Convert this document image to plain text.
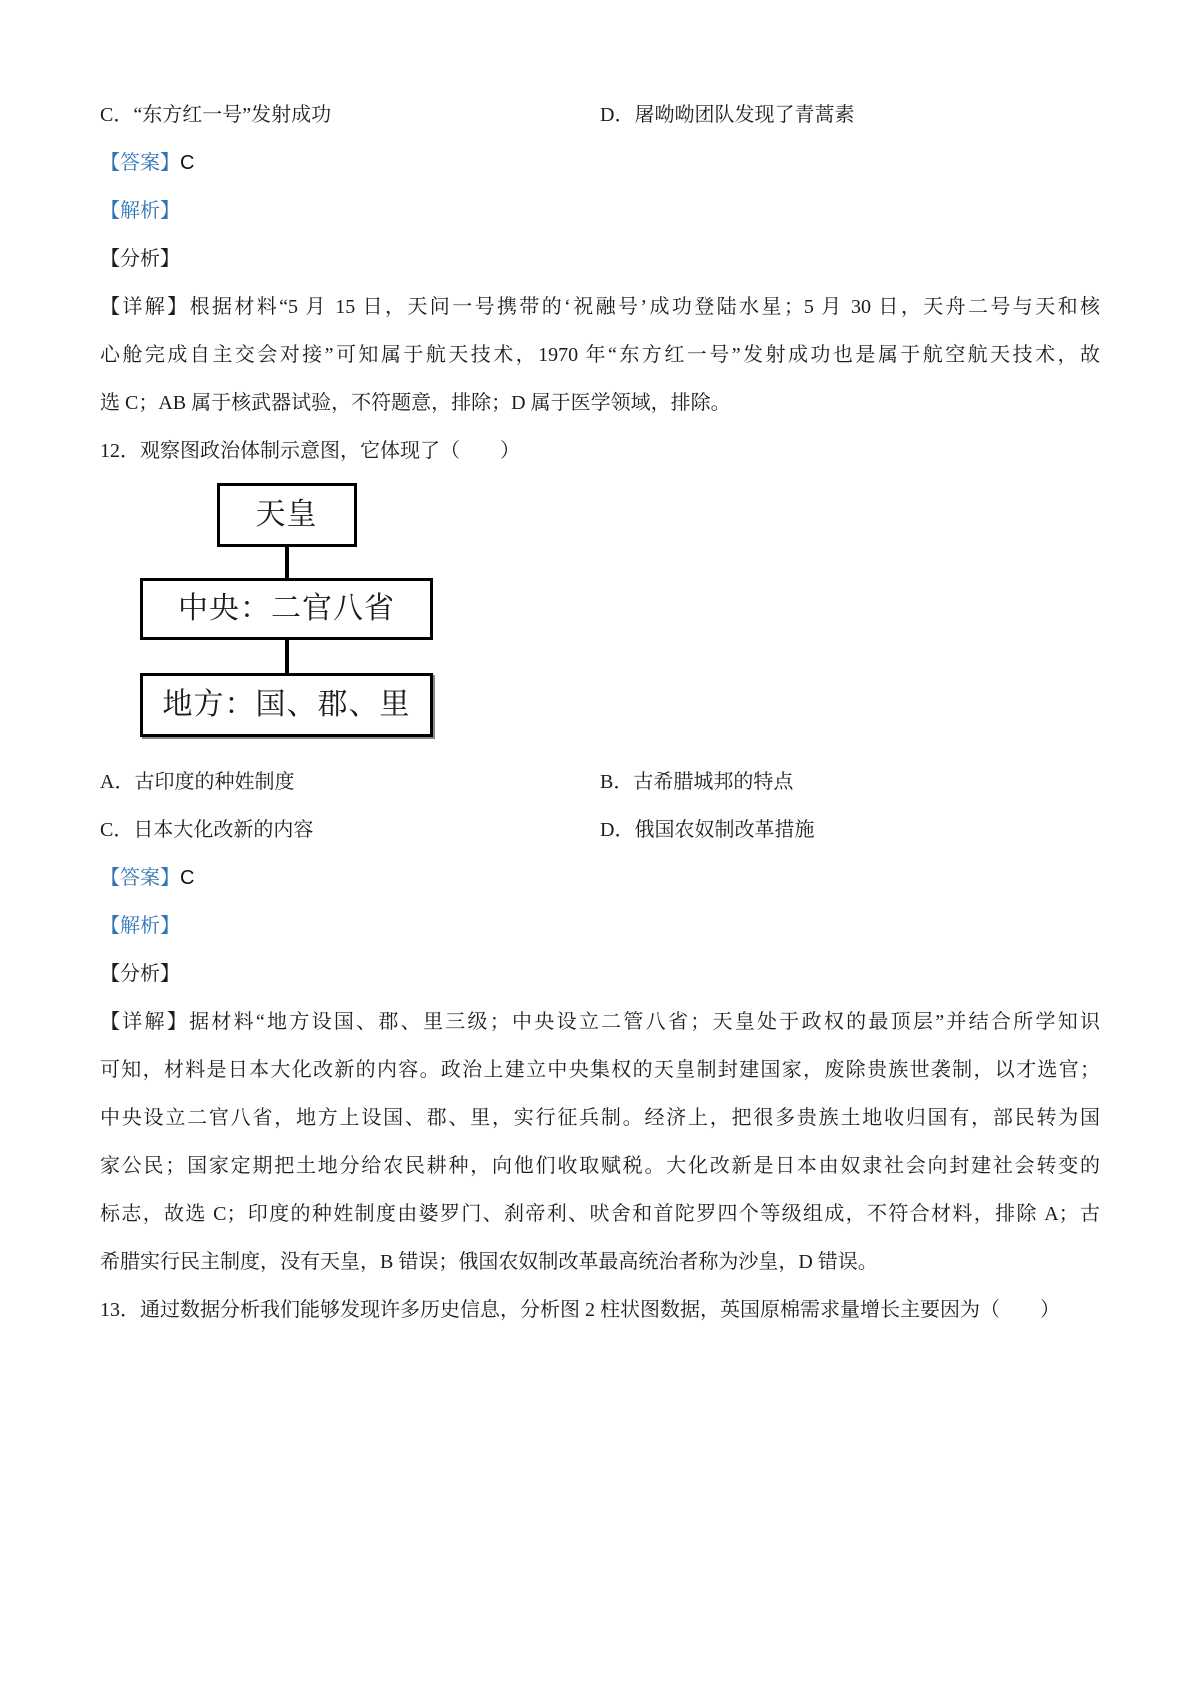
C．“东方红一号”发射成功	D．屠呦呦团队发现了青蒿素
【答案】C
【解析】
【分析】
【详解】根据材料“5 月 15 日，天问一号携带的‘祝融号’成功登陆水星；5 月 30 日，天舟二号与天和核
心舱完成自主交会对接”可知属于航天技术，1970 年“东方红一号”发射成功也是属于航空航天技术，故
选 C；AB 属于核武器试验，不符题意，排除；D 属于医学领域，排除。
12．观察图政治体制示意图，它体现了（　　）
天皇
中央：二官八省
地方：国、郡、里
A．古印度的种姓制度	B．古希腊城邦的特点
C．日本大化改新的内容	D．俄国农奴制改革措施
【答案】C
【解析】
【分析】
【详解】据材料“地方设国、郡、里三级；中央设立二管八省；天皇处于政权的最顶层”并结合所学知识
可知，材料是日本大化改新的内容。政治上建立中央集权的天皇制封建国家，废除贵族世袭制，以才选官；
中央设立二官八省，地方上设国、郡、里，实行征兵制。经济上，把很多贵族土地收归国有，部民转为国
家公民；国家定期把土地分给农民耕种，向他们收取赋税。大化改新是日本由奴隶社会向封建社会转变的
标志，故选 C；印度的种姓制度由婆罗门、刹帝利、吠舍和首陀罗四个等级组成，不符合材料，排除 A；古
希腊实行民主制度，没有天皇，B 错误；俄国农奴制改革最高统治者称为沙皇，D 错误。
13．通过数据分析我们能够发现许多历史信息，分析图 2 柱状图数据，英国原棉需求量增长主要因为（　　）
